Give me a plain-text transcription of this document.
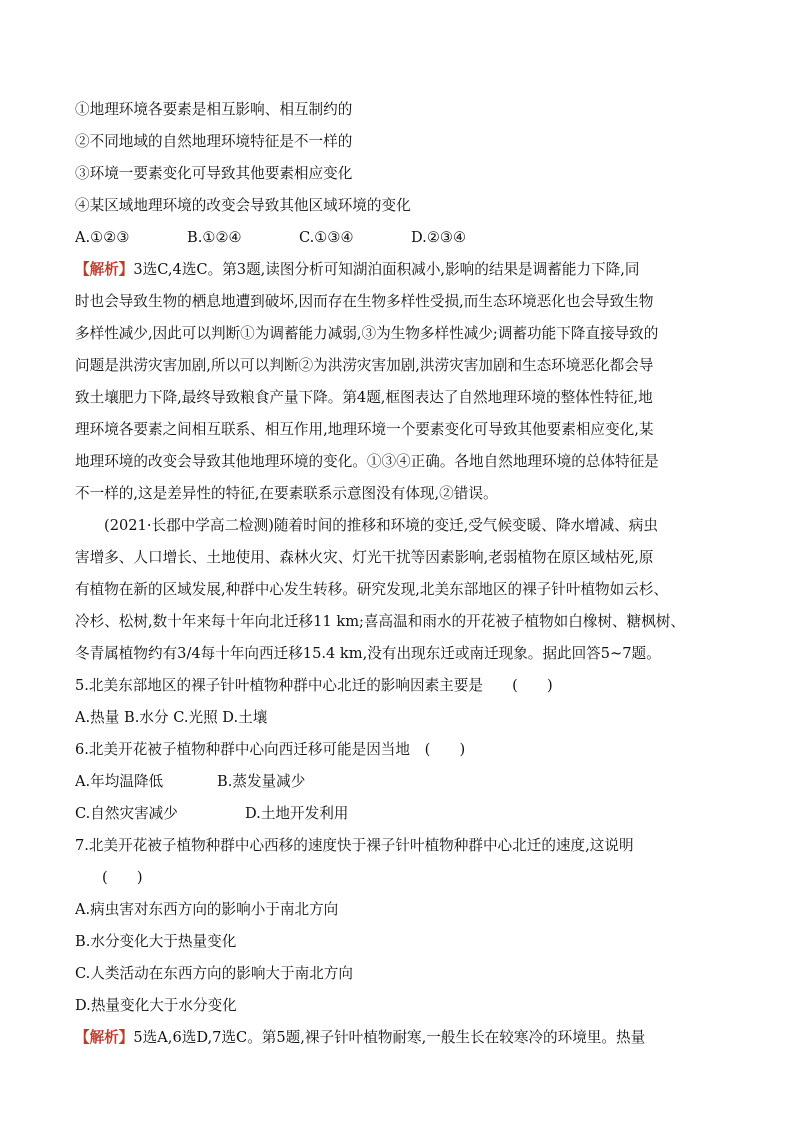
①地理环境各要素是相互影响、相互制约的
②不同地域的自然地理环境特征是不一样的
③环境一要素变化可导致其他要素相应变化
④某区域地理环境的改变会导致其他区域环境的变化
A.①②③	B.①②④	C.①③④	D.②③④
【解析】3选C,4选C。第3题,读图分析可知湖泊面积减小,影响的结果是调蓄能力下降,同
时也会导致生物的栖息地遭到破坏,因而存在生物多样性受损,而生态环境恶化也会导致生物
多样性减少,因此可以判断①为调蓄能力减弱,③为生物多样性减少;调蓄功能下降直接导致的
问题是洪涝灾害加剧,所以可以判断②为洪涝灾害加剧,洪涝灾害加剧和生态环境恶化都会导
致土壤肥力下降,最终导致粮食产量下降。第4题,框图表达了自然地理环境的整体性特征,地
理环境各要素之间相互联系、相互作用,地理环境一个要素变化可导致其他要素相应变化,某
地理环境的改变会导致其他地理环境的变化。①③④正确。各地自然地理环境的总体特征是
不一样的,这是差异性的特征,在要素联系示意图没有体现,②错误。
(2021·长郡中学高二检测)随着时间的推移和环境的变迁,受气候变暖、降水增减、病虫
害增多、人口增长、土地使用、森林火灾、灯光干扰等因素影响,老弱植物在原区域枯死,原
有植物在新的区域发展,种群中心发生转移。研究发现,北美东部地区的裸子针叶植物如云杉、
冷杉、松树,数十年来每十年向北迁移11 km;喜高温和雨水的开花被子植物如白橡树、糖枫树、
冬青属植物约有3/4每十年向西迁移15.4 km,没有出现东迁或南迁现象。据此回答5~7题。
5.北美东部地区的裸子针叶植物种群中心北迁的影响因素主要是　　(　　)
A.热量 B.水分 C.光照 D.土壤
6.北美开花被子植物种群中心向西迁移可能是因当地　(　　)
A.年均温降低	B.蒸发量减少
C.自然灾害减少	D.土地开发利用
7.北美开花被子植物种群中心西移的速度快于裸子针叶植物种群中心北迁的速度,这说明
(　　)
A.病虫害对东西方向的影响小于南北方向
B.水分变化大于热量变化
C.人类活动在东西方向的影响大于南北方向
D.热量变化大于水分变化
【解析】5选A,6选D,7选C。第5题,裸子针叶植物耐寒,一般生长在较寒冷的环境里。热量
